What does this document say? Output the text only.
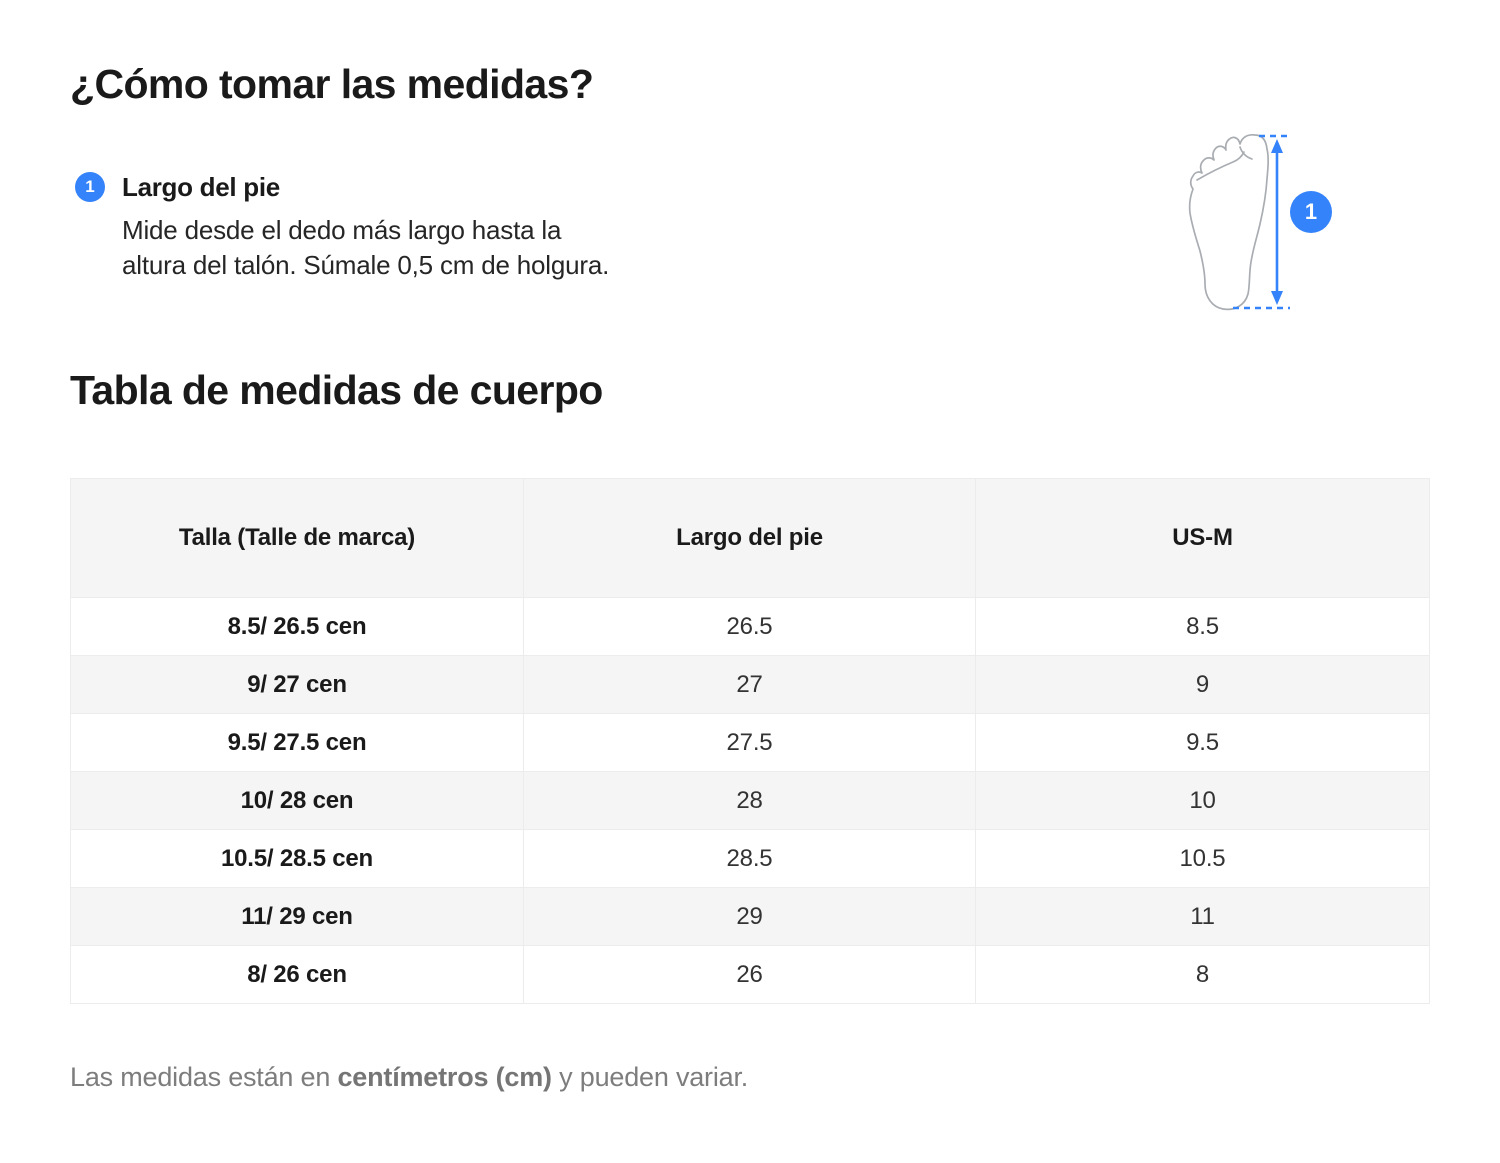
¿Cómo tomar las medidas?
1	Largo del pie

Mide desde el dedo más largo hasta la
altura del talón. Súmale 0,5 cm de holgura.

1
Tabla de medidas de cuerpo
Talla (Talle de marca)	Largo del pie	US-M
8.5/ 26.5 cen	26.5	8.5
9/ 27 cen	27	9
9.5/ 27.5 cen	27.5	9.5
10/ 28 cen	28	10
10.5/ 28.5 cen	28.5	10.5
11/ 29 cen	29	11
8/ 26 cen	26	8

Las medidas están en centímetros (cm) y pueden variar.
